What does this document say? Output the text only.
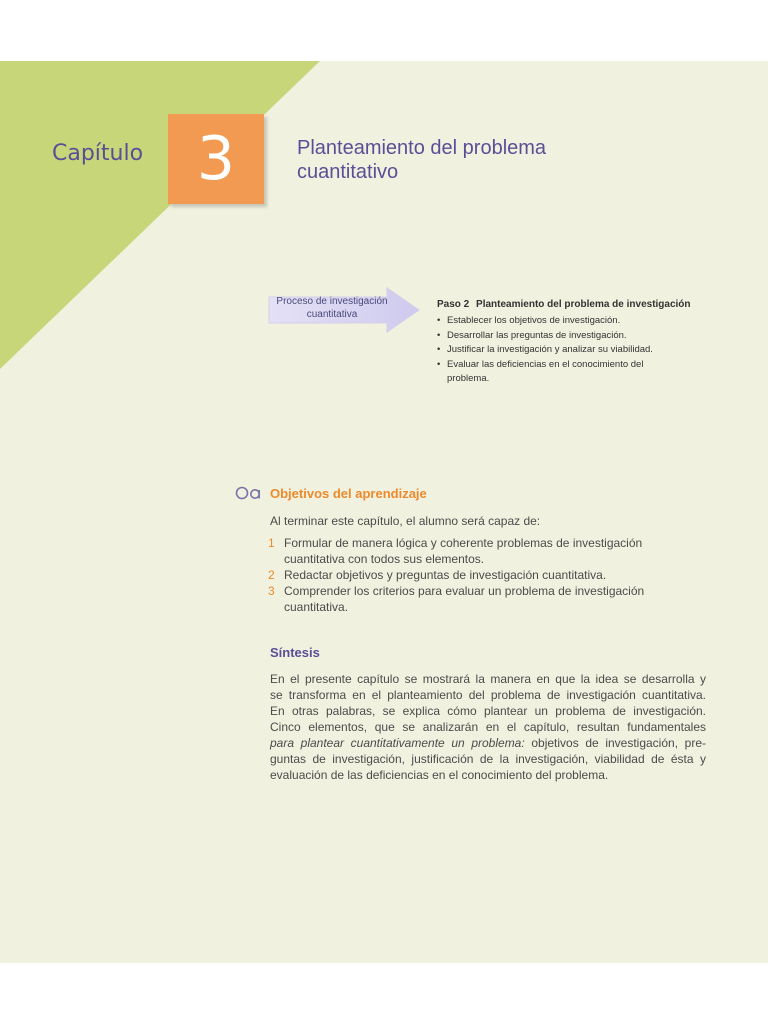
Capítulo 3	Planteamiento del problema
cuantitativo
Proceso de investigación
cuantitativa
Paso 2 Planteamiento del problema de investigación
• Establecer los objetivos de investigación.
• Desarrollar las preguntas de investigación.
• Justificar la investigación y analizar su viabilidad.
• Evaluar las deficiencias en el conocimiento del problema.
Objetivos del aprendizaje
Al terminar este capítulo, el alumno será capaz de:
1 Formular de manera lógica y coherente problemas de investigación cuantitativa con todos sus elementos.
2 Redactar objetivos y preguntas de investigación cuantitativa.
3 Comprender los criterios para evaluar un problema de investigación cuantitativa.
Síntesis
En el presente capítulo se mostrará la manera en que la idea se desarrolla y
se transforma en el planteamiento del problema de investigación cuantitativa.
En otras palabras, se explica cómo plantear un problema de investigación.
Cinco elementos, que se analizarán en el capítulo, resultan fundamentales
para plantear cuantitativamente un problema: objetivos de investigación, pre-
guntas de investigación, justificación de la investigación, viabilidad de ésta y
evaluación de las deficiencias en el conocimiento del problema.
